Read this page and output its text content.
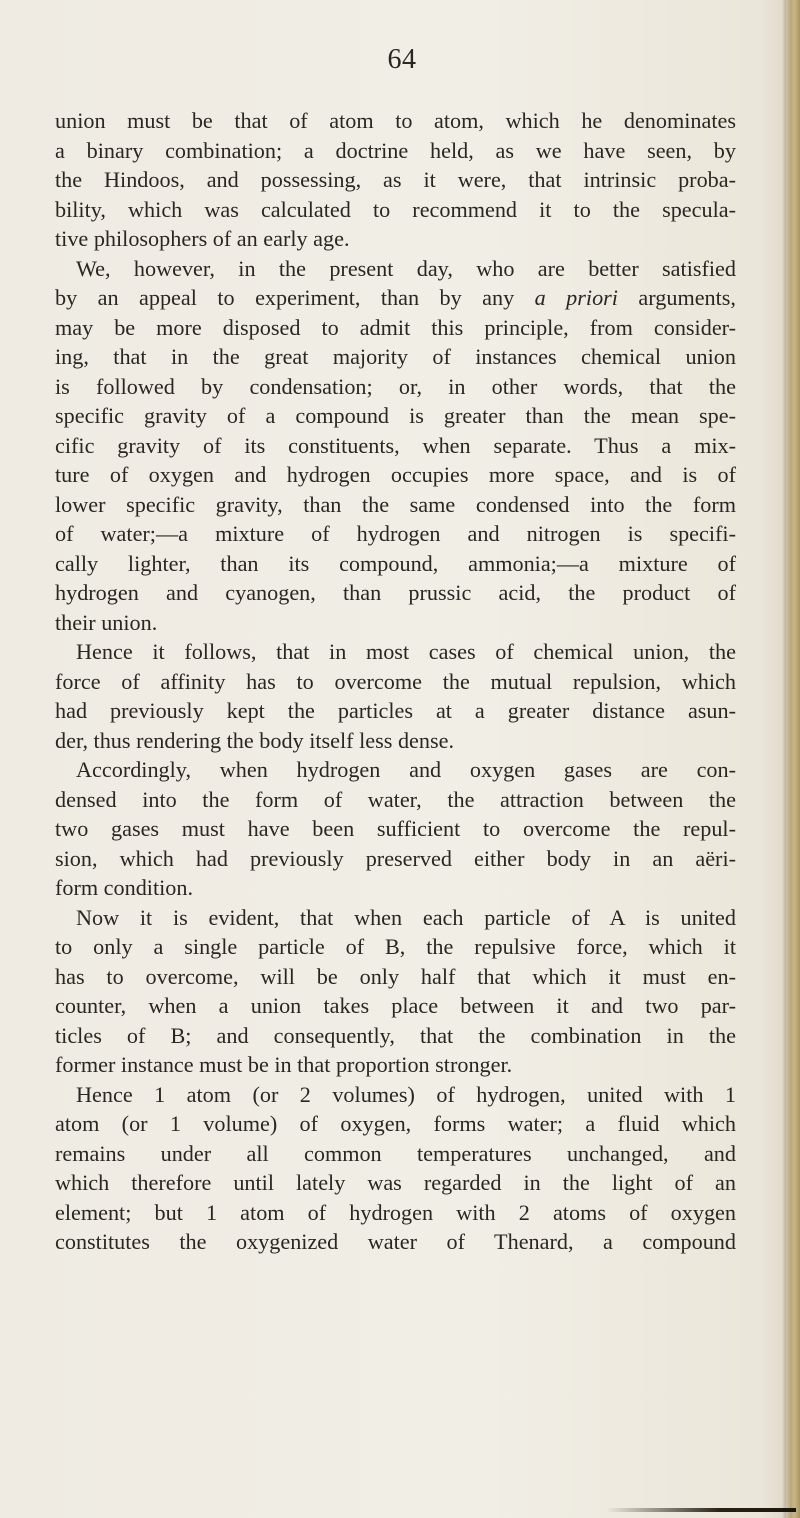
64
union must be that of atom to atom, which he denominates
a binary combination; a doctrine held, as we have seen, by
the Hindoos, and possessing, as it were, that intrinsic proba-
bility, which was calculated to recommend it to the specula-
tive philosophers of an early age.
We, however, in the present day, who are better satisfied
by an appeal to experiment, than by any a priori arguments,
may be more disposed to admit this principle, from consider-
ing, that in the great majority of instances chemical union
is followed by condensation; or, in other words, that the
specific gravity of a compound is greater than the mean spe-
cific gravity of its constituents, when separate. Thus a mix-
ture of oxygen and hydrogen occupies more space, and is of
lower specific gravity, than the same condensed into the form
of water;—a mixture of hydrogen and nitrogen is specifi-
cally lighter, than its compound, ammonia;—a mixture of
hydrogen and cyanogen, than prussic acid, the product of
their union.
Hence it follows, that in most cases of chemical union, the
force of affinity has to overcome the mutual repulsion, which
had previously kept the particles at a greater distance asun-
der, thus rendering the body itself less dense.
Accordingly, when hydrogen and oxygen gases are con-
densed into the form of water, the attraction between the
two gases must have been sufficient to overcome the repul-
sion, which had previously preserved either body in an aëri-
form condition.
Now it is evident, that when each particle of A is united
to only a single particle of B, the repulsive force, which it
has to overcome, will be only half that which it must en-
counter, when a union takes place between it and two par-
ticles of B; and consequently, that the combination in the
former instance must be in that proportion stronger.
Hence 1 atom (or 2 volumes) of hydrogen, united with 1
atom (or 1 volume) of oxygen, forms water; a fluid which
remains under all common temperatures unchanged, and
which therefore until lately was regarded in the light of an
element; but 1 atom of hydrogen with 2 atoms of oxygen
constitutes the oxygenized water of Thenard, a compound
